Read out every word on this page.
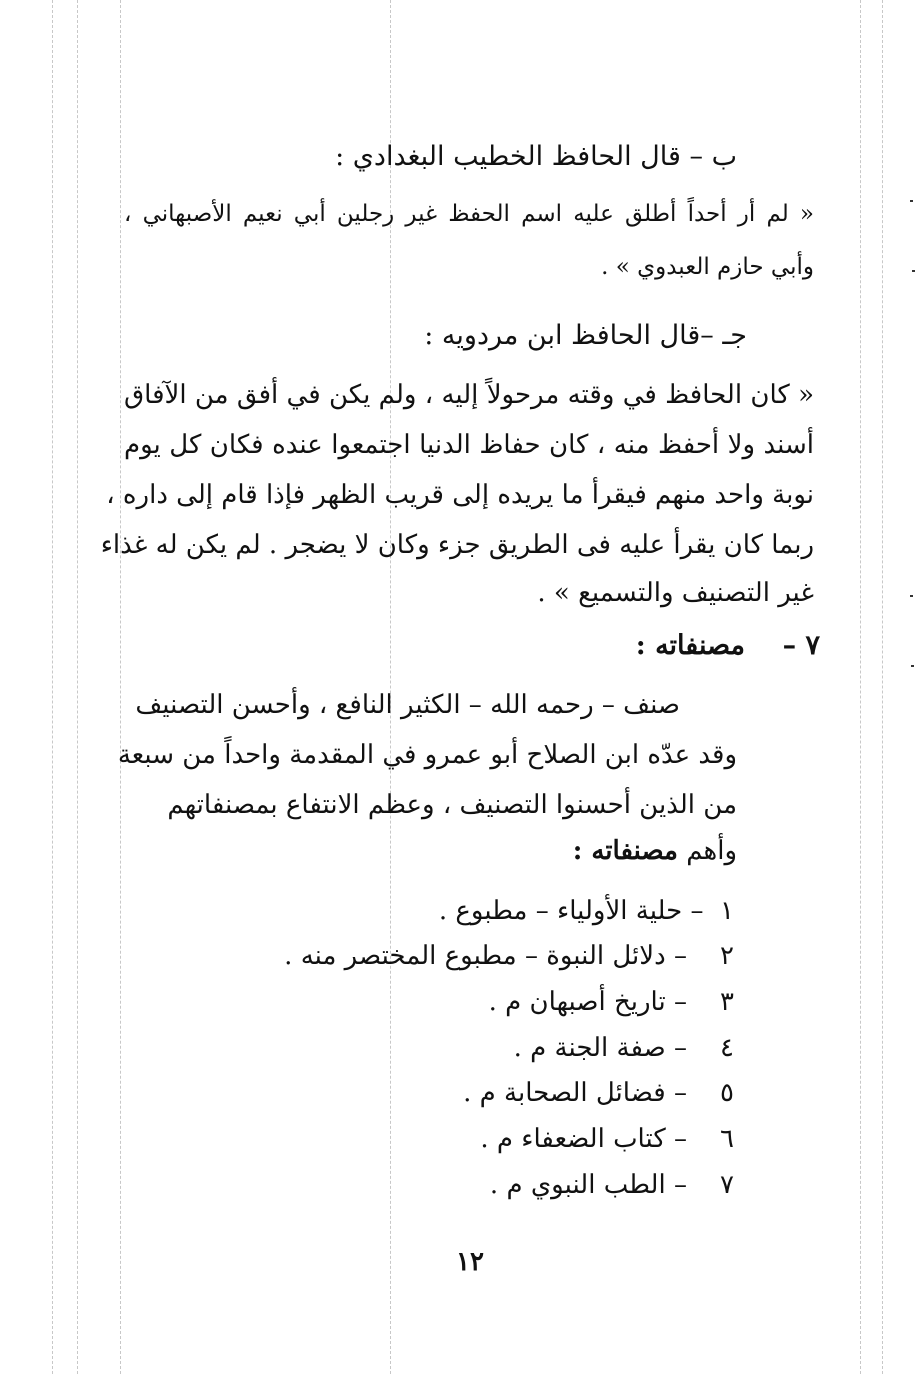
ب – قال الحافظ الخطيب البغدادي :
« لم أر أحداً أطلق عليه اسم الحفظ غير رجلين أبي نعيم الأصبهاني ،
وأبي حازم العبدوي » .
جـ –قال الحافظ ابن مردويه :
« كان الحافظ في وقته مرحولاً إليه ، ولم يكن في أفق من الآفاق
أسند ولا أحفظ منه ، كان حفاظ الدنيا اجتمعوا عنده فكان كل يوم
نوبة واحد منهم فيقرأ ما يريده إلى قريب الظهر فإذا قام إلى داره ،
ربما كان يقرأ عليه فى الطريق جزء وكان لا يضجر . لم يكن له غذاء
غير التصنيف والتسميع » .
٧ –    مصنفاته :
صنف – رحمه الله – الكثير النافع ، وأحسن التصنيف
وقد عدّه ابن الصلاح أبو عمرو في المقدمة واحداً من سبعة
من الذين أحسنوا التصنيف ، وعظم الانتفاع بمصنفاتهم
وأهم مصنفاته :
١  – حلية الأولياء – مطبوع .
٢    – دلائل النبوة – مطبوع المختصر منه .
٣    – تاريخ أصبهان م .
٤    – صفة الجنة م .
٥    – فضائل الصحابة م .
٦    – كتاب الضعفاء م .
٧    – الطب النبوي م .
١٢
